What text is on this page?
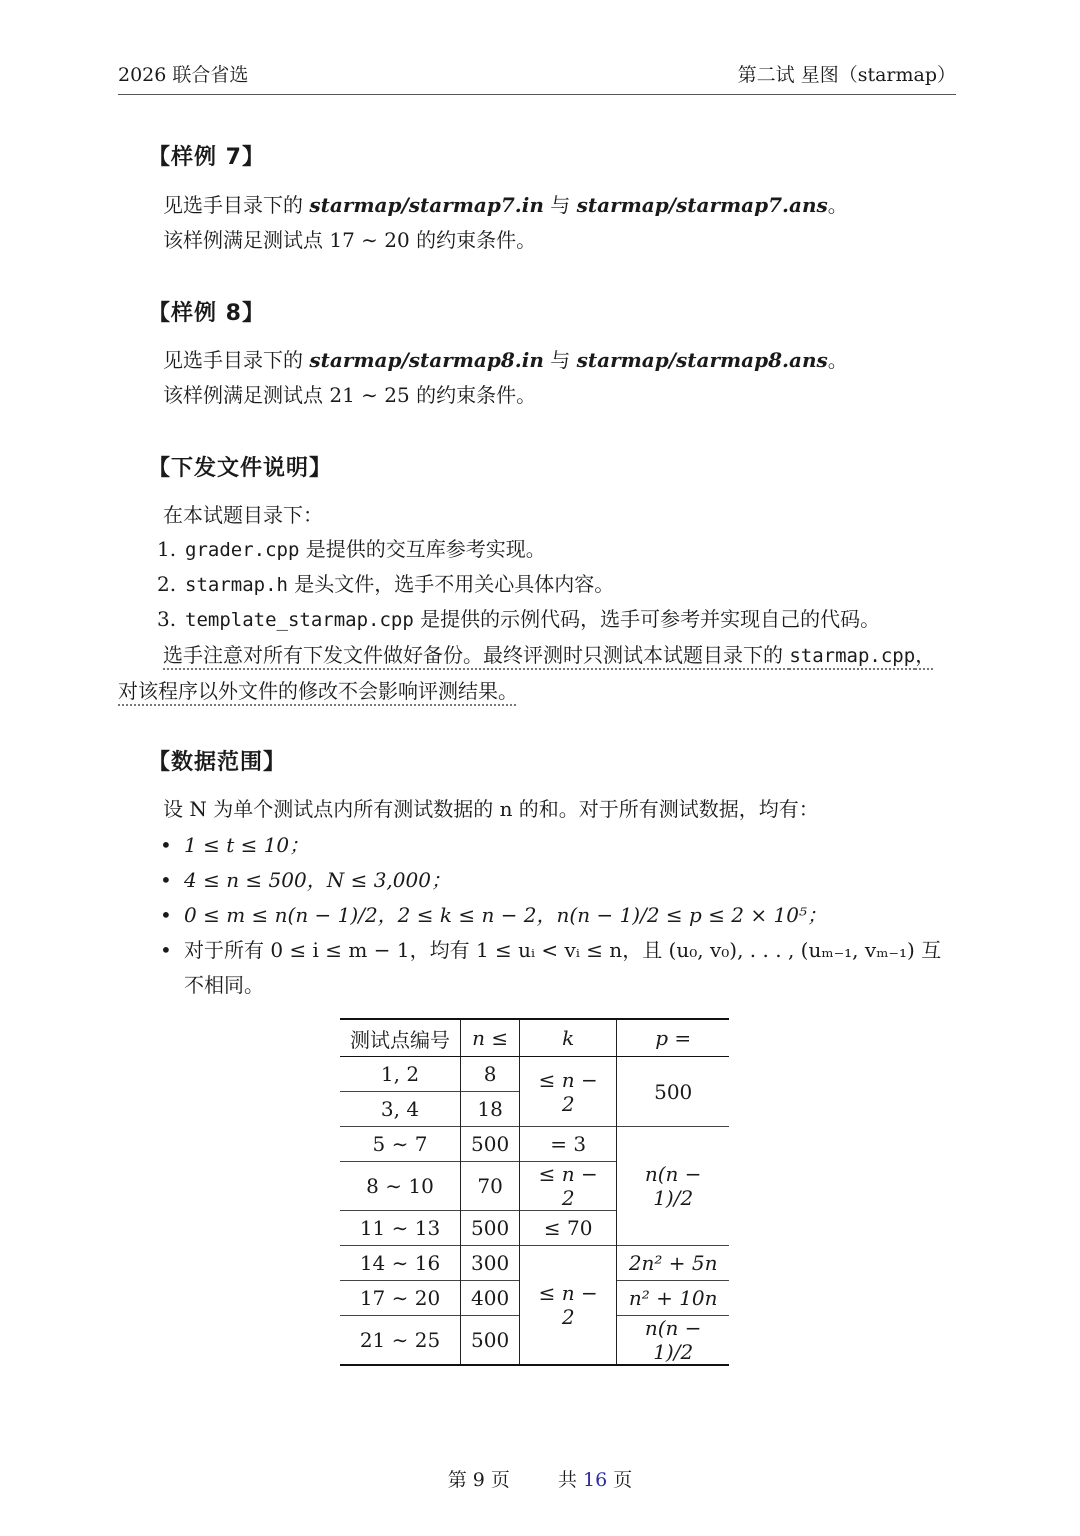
2026 联合省选	第二试 星图（starmap）
【样例 7】
见选手目录下的 starmap/starmap7.in 与 starmap/starmap7.ans。
该样例满足测试点 17 ∼ 20 的约束条件。
【样例 8】
见选手目录下的 starmap/starmap8.in 与 starmap/starmap8.ans。
该样例满足测试点 21 ∼ 25 的约束条件。
【下发文件说明】
在本试题目录下：
1. grader.cpp 是提供的交互库参考实现。
2. starmap.h 是头文件，选手不用关心具体内容。
3. template_starmap.cpp 是提供的示例代码，选手可参考并实现自己的代码。
选手注意对所有下发文件做好备份。最终评测时只测试本试题目录下的 starmap.cpp，
对该程序以外文件的修改不会影响评测结果。
【数据范围】
设 N 为单个测试点内所有测试数据的 n 的和。对于所有测试数据，均有：
• 1 ≤ t ≤ 10；
• 4 ≤ n ≤ 500，N ≤ 3,000；
• 0 ≤ m ≤ n(n − 1)/2，2 ≤ k ≤ n − 2，n(n − 1)/2 ≤ p ≤ 2 × 10⁵；
• 对于所有 0 ≤ i ≤ m − 1，均有 1 ≤ uᵢ < vᵢ ≤ n，且 (u₀, v₀), . . . , (uₘ₋₁, vₘ₋₁) 互
不相同。
测试点编号	n ≤	k	p =
1, 2	8	≤ n − 2	500
3, 4	18		
5 ∼ 7	500	= 3	n(n − 1)/2
8 ∼ 10	70	≤ n − 2	
11 ∼ 13	500	≤ 70	
14 ∼ 16	300	≤ n − 2	2n² + 5n
17 ∼ 20	400		n² + 10n
21 ∼ 25	500		n(n − 1)/2
第 9 页	共 16 页
